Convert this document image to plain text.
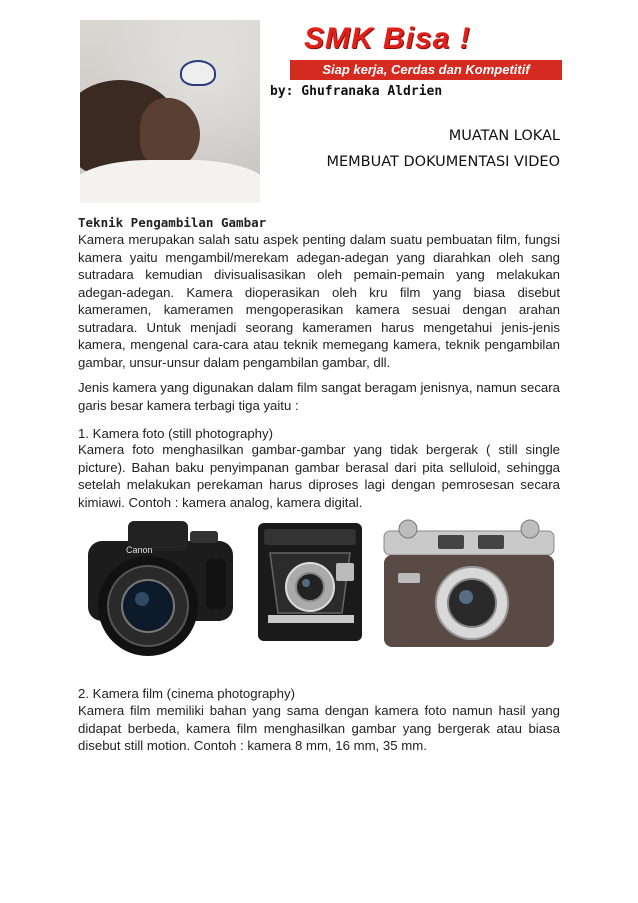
SMK Bisa !
Siap kerja, Cerdas dan Kompetitif
by: Ghufranaka Aldrien
MUATAN LOKAL
MEMBUAT DOKUMENTASI VIDEO
Teknik Pengambilan Gambar

Kamera merupakan salah satu aspek penting dalam suatu pembuatan film, fungsi kamera yaitu mengambil/merekam adegan-adegan yang diarahkan oleh sang sutradara kemudian divisualisasikan oleh pemain-pemain yang melakukan adegan-adegan. Kamera dioperasikan oleh kru film yang biasa disebut kameramen, kameramen mengoperasikan kamera sesuai dengan arahan sutradara. Untuk menjadi seorang kameramen harus mengetahui jenis-jenis kamera, mengenal cara-cara atau teknik memegang kamera, teknik pengambilan gambar, unsur-unsur dalam pengambilan gambar, dll.

Jenis kamera yang digunakan dalam film sangat beragam jenisnya, namun secara garis besar kamera terbagi tiga yaitu :

1. Kamera foto (still photography)

Kamera foto menghasilkan gambar-gambar yang tidak bergerak ( still single picture). Bahan baku penyimpanan gambar berasal dari pita selluloid, sehingga setelah melakukan perekaman harus diproses lagi dengan pemrosesan secara kimiawi. Contoh : kamera analog, kamera digital.

Canon
2. Kamera film (cinema photography)

Kamera film memiliki bahan yang sama dengan kamera foto namun hasil yang didapat berbeda, kamera film menghasilkan gambar yang bergerak atau biasa disebut still motion. Contoh : kamera 8 mm, 16 mm, 35 mm.
